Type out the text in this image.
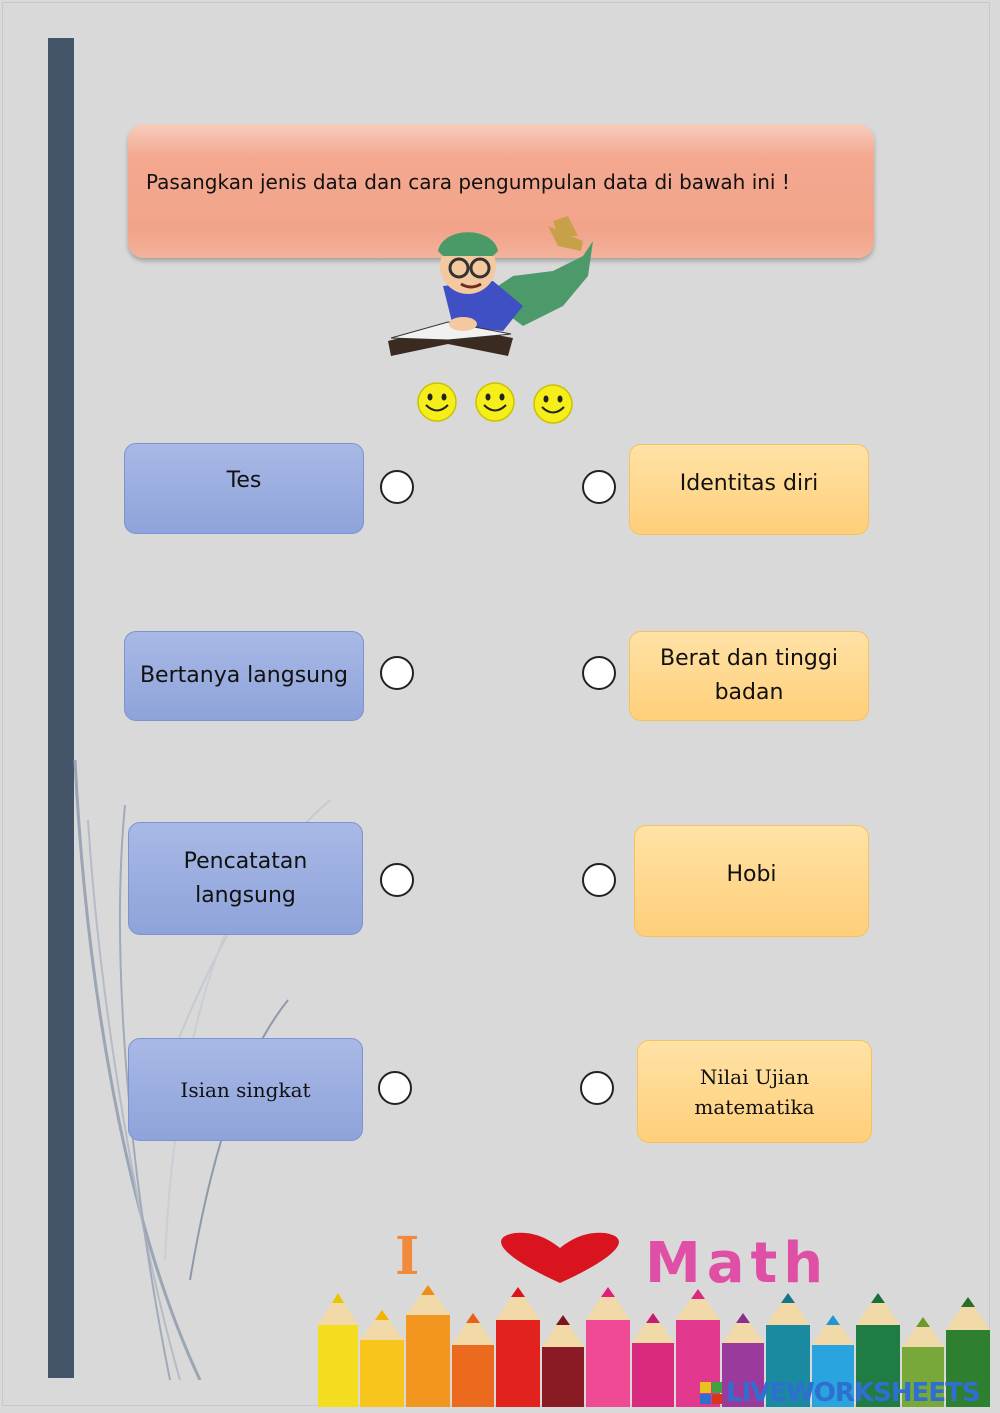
Pasangkan jenis data dan cara pengumpulan data di bawah ini !
Tes
Bertanya langsung
Pencatatan langsung
Isian singkat
Identitas diri
Berat dan tinggi badan
Hobi
Nilai Ujian matematika
I	Math
LIVEWORKSHEETS
